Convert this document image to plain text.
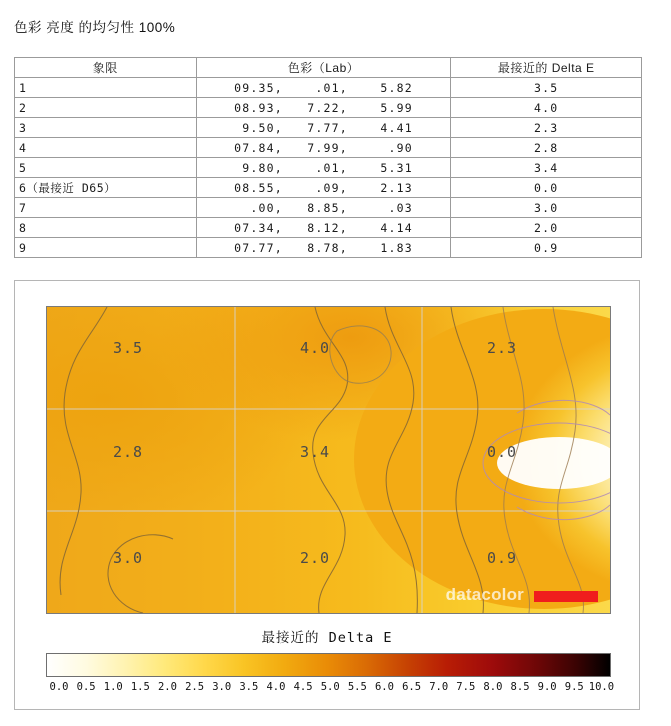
色彩 亮度 的均匀性 100%
象限	色彩（Lab）	最接近的 Delta E
1	09.35,    .01,    5.82	3.5
2	08.93,   7.22,    5.99	4.0
3	9.50,   7.77,    4.41	2.3
4	07.84,   7.99,     .90	2.8
5	9.80,    .01,    5.31	3.4
6（最接近 D65）	08.55,    .09,    2.13	0.0
7	.00,   8.85,     .03	3.0
8	07.34,   8.12,    4.14	2.0
9	07.77,   8.78,    1.83	0.9
3.5	4.0	2.3
2.8	3.4	0.0
3.0	2.0	0.9
datacolor
最接近的 Delta E
0.0 0.5 1.0 1.5 2.0 2.5 3.0 3.5 4.0 4.5 5.0 5.5 6.0 6.5 7.0 7.5 8.0 8.5 9.0 9.5 10.0
